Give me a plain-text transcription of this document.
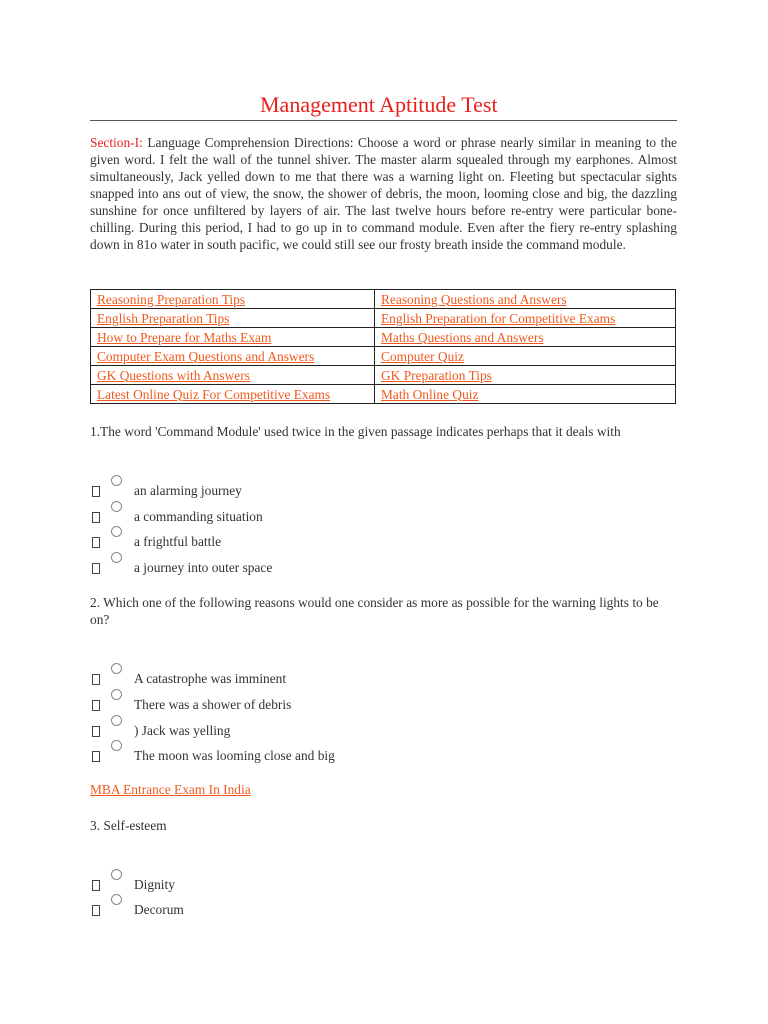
Management Aptitude Test
Section-I: Language Comprehension Directions: Choose a word or phrase nearly similar in meaning to the given word. I felt the wall of the tunnel shiver. The master alarm squealed through my earphones. Almost simultaneously, Jack yelled down to me that there was a warning light on. Fleeting but spectacular sights snapped into ans out of view, the snow, the shower of debris, the moon, looming close and big, the dazzling sunshine for once unfiltered by layers of air. The last twelve hours before re-entry were particular bone-chilling. During this period, I had to go up in to command module. Even after the fiery re-entry splashing down in 81o water in south pacific, we could still see our frosty breath inside the command module.
Reasoning Preparation Tips	Reasoning Questions and Answers
English Preparation Tips	English Preparation for Competitive Exams
How to Prepare for Maths Exam	Maths Questions and Answers
Computer Exam Questions and Answers	Computer Quiz
GK Questions with Answers	GK Preparation Tips
Latest Online Quiz For Competitive Exams	Math Online Quiz
1.The word 'Command Module' used twice in the given passage indicates perhaps that it deals with
an alarming journey
a commanding situation
a frightful battle
a journey into outer space
2. Which one of the following reasons would one consider as more as possible for the warning lights to be on?
A catastrophe was imminent
There was a shower of debris
) Jack was yelling
The moon was looming close and big
MBA Entrance Exam In India
3. Self-esteem
Dignity
Decorum
